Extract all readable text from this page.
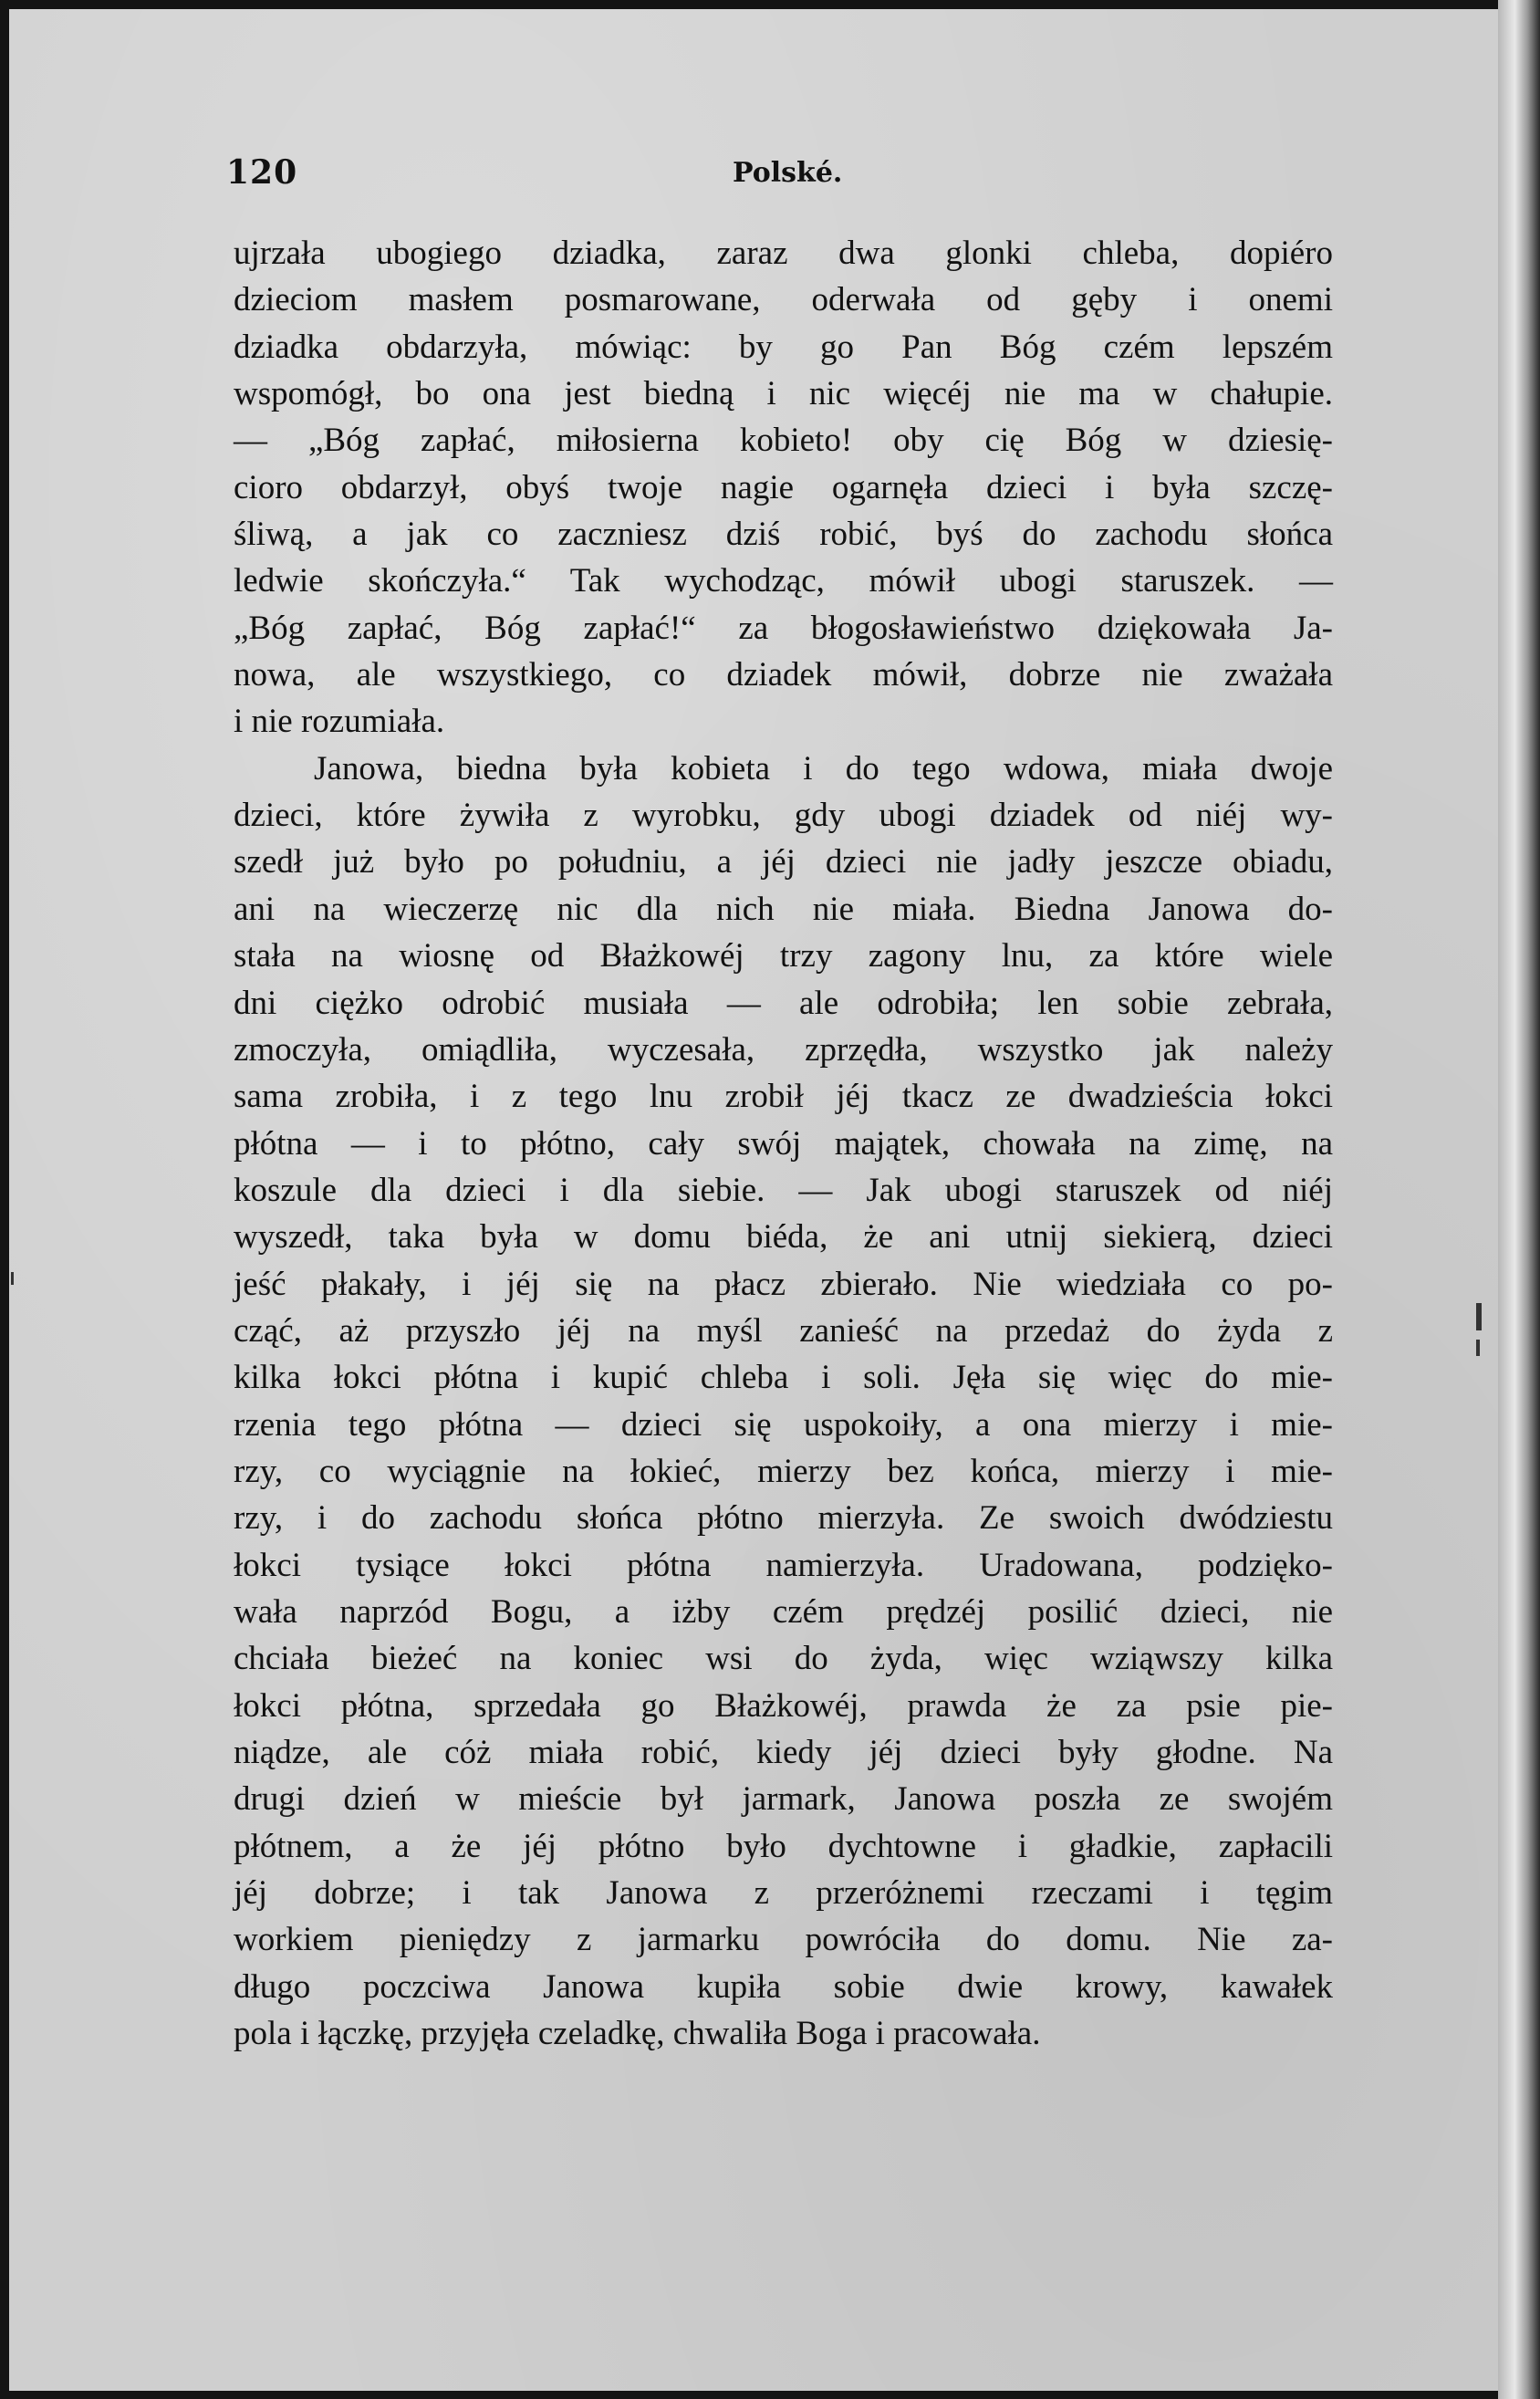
120	Polské.
ujrzała ubogiego dziadka, zaraz dwa glonki chleba, dopiéro
dzieciom masłem posmarowane, oderwała od gęby i onemi
dziadka obdarzyła, mówiąc: by go Pan Bóg czém lepszém
wspomógł, bo ona jest biedną i nic więcéj nie ma w chałupie.
— „Bóg zapłać, miłosierna kobieto! oby cię Bóg w dziesię-
cioro obdarzył, obyś twoje nagie ogarnęła dzieci i była szczę-
śliwą, a jak co zaczniesz dziś robić, byś do zachodu słońca
ledwie skończyła.“ Tak wychodząc, mówił ubogi staruszek. —
„Bóg zapłać, Bóg zapłać!“ za błogosławieństwo dziękowała Ja-
nowa, ale wszystkiego, co dziadek mówił, dobrze nie zważała
i nie rozumiała.
Janowa, biedna była kobieta i do tego wdowa, miała dwoje
dzieci, które żywiła z wyrobku, gdy ubogi dziadek od niéj wy-
szedł już było po południu, a jéj dzieci nie jadły jeszcze obiadu,
ani na wieczerzę nic dla nich nie miała. Biedna Janowa do-
stała na wiosnę od Błażkowéj trzy zagony lnu, za które wiele
dni ciężko odrobić musiała — ale odrobiła; len sobie zebrała,
zmoczyła, omiądliła, wyczesała, zprzędła, wszystko jak należy
sama zrobiła, i z tego lnu zrobił jéj tkacz ze dwadzieścia łokci
płótna — i to płótno, cały swój majątek, chowała na zimę, na
koszule dla dzieci i dla siebie. — Jak ubogi staruszek od niéj
wyszedł, taka była w domu biéda, że ani utnij siekierą, dzieci
jeść płakały, i jéj się na płacz zbierało. Nie wiedziała co po-
cząć, aż przyszło jéj na myśl zanieść na przedaż do żyda z
kilka łokci płótna i kupić chleba i soli. Jęła się więc do mie-
rzenia tego płótna — dzieci się uspokoiły, a ona mierzy i mie-
rzy, co wyciągnie na łokieć, mierzy bez końca, mierzy i mie-
rzy, i do zachodu słońca płótno mierzyła. Ze swoich dwódziestu
łokci tysiące łokci płótna namierzyła. Uradowana, podzięko-
wała naprzód Bogu, a iżby czém prędzéj posilić dzieci, nie
chciała bieżeć na koniec wsi do żyda, więc wziąwszy kilka
łokci płótna, sprzedała go Błażkowéj, prawda że za psie pie-
niądze, ale cóż miała robić, kiedy jéj dzieci były głodne. Na
drugi dzień w mieście był jarmark, Janowa poszła ze swojém
płótnem, a że jéj płótno było dychtowne i gładkie, zapłacili
jéj dobrze; i tak Janowa z przeróżnemi rzeczami i tęgim
workiem pieniędzy z jarmarku powróciła do domu. Nie za-
długo poczciwa Janowa kupiła sobie dwie krowy, kawałek
pola i łączkę, przyjęła czeladkę, chwaliła Boga i pracowała.
